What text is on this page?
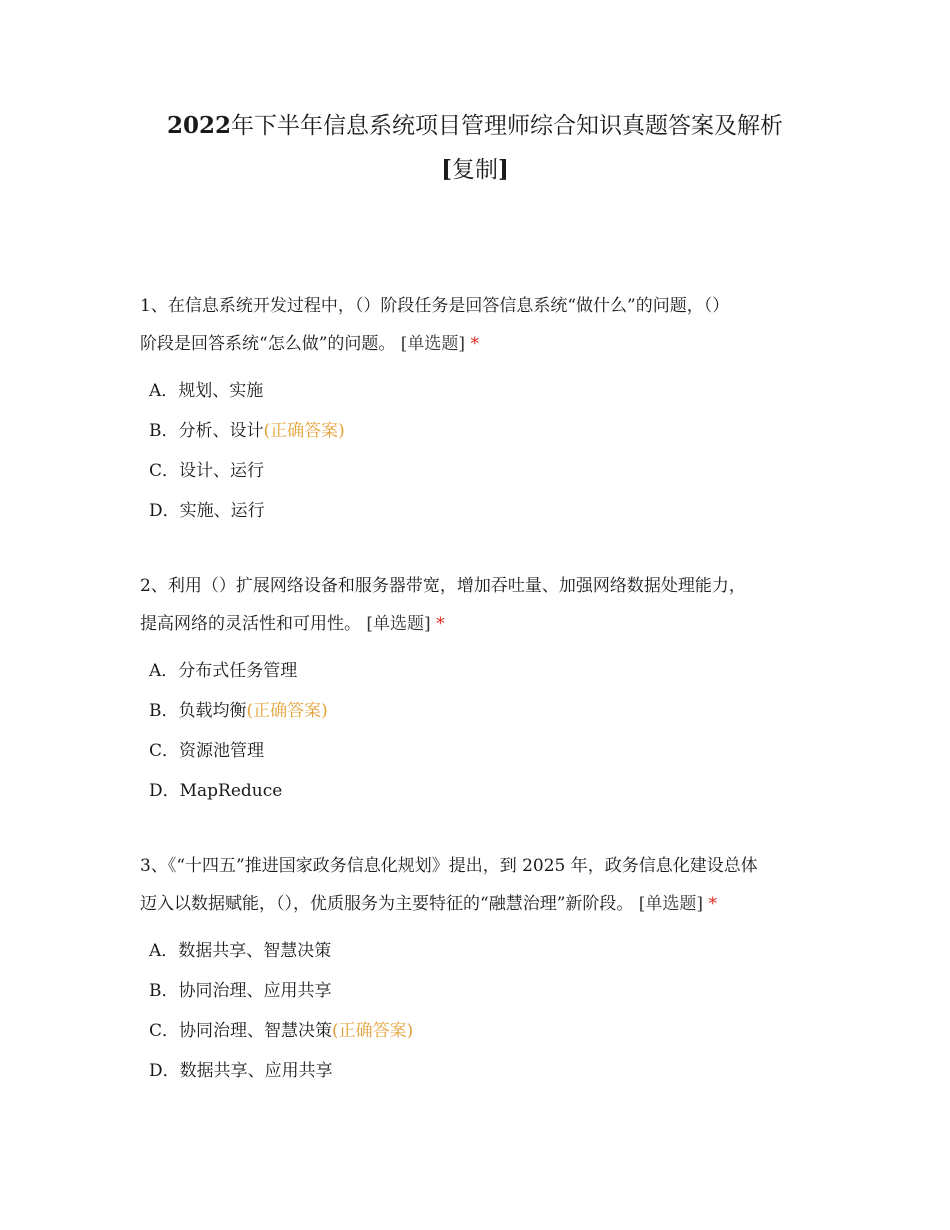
2022年下半年信息系统项目管理师综合知识真题答案及解析
[复制]

1、在信息系统开发过程中，（）阶段任务是回答信息系统“做什么”的问题，（）
阶段是回答系统“怎么做”的问题。 [单选题] *

A．规划、实施
B．分析、设计(正确答案)
C．设计、运行
D．实施、运行

2、利用（）扩展网络设备和服务器带宽，增加吞吐量、加强网络数据处理能力，
提高网络的灵活性和可用性。 [单选题] *

A．分布式任务管理
B．负载均衡(正确答案)
C．资源池管理
D．MapReduce

3、《“十四五”推进国家政务信息化规划》提出，到 2025 年，政务信息化建设总体
迈入以数据赋能，（），优质服务为主要特征的“融慧治理”新阶段。 [单选题] *

A．数据共享、智慧决策
B．协同治理、应用共享
C．协同治理、智慧决策(正确答案)
D．数据共享、应用共享
